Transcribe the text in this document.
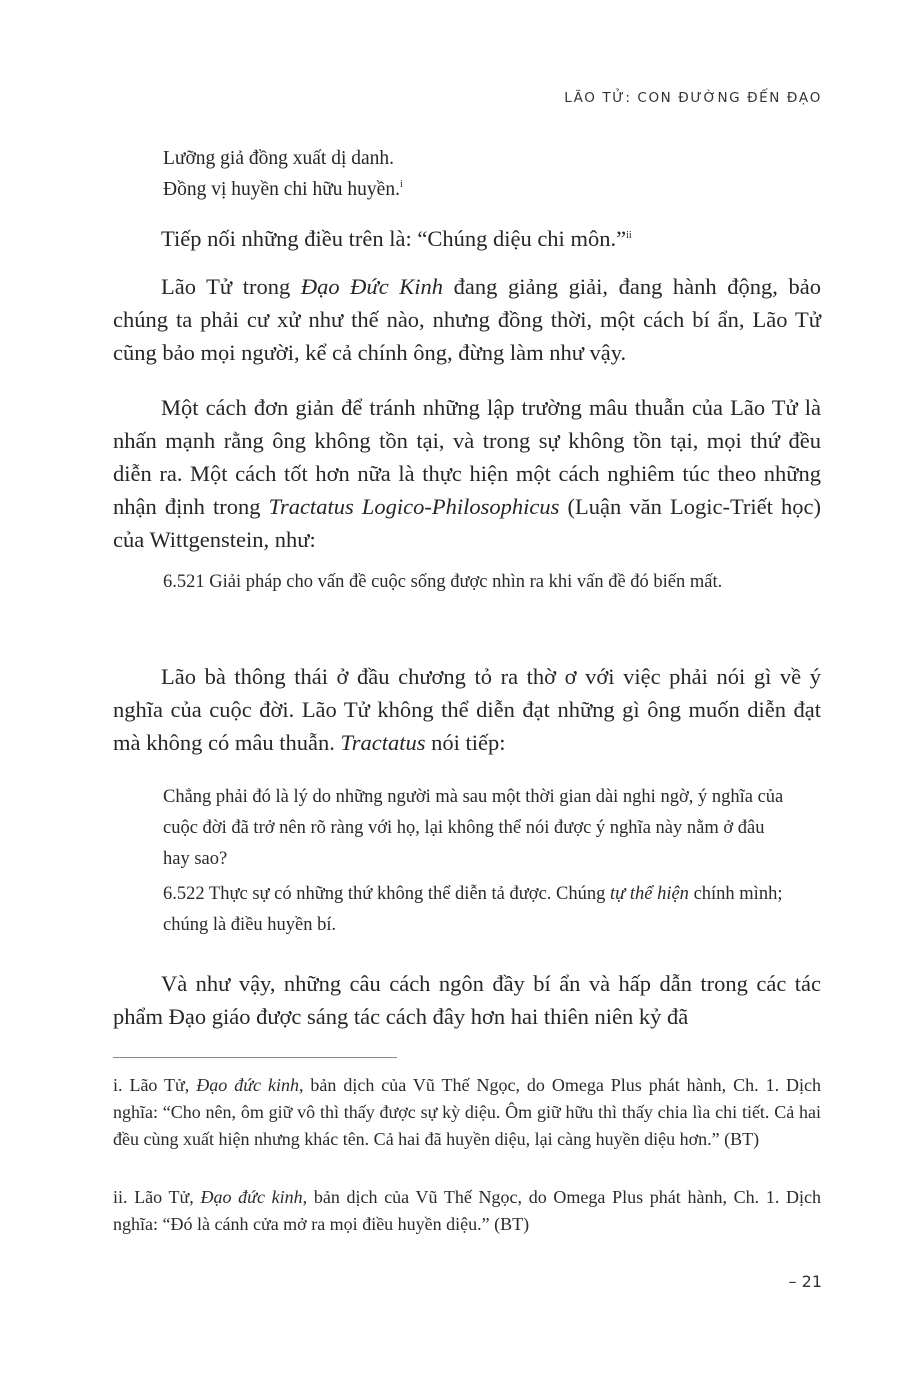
LÃO TỬ: CON ĐƯỜNG ĐẾN ĐẠO

Lưỡng giả đồng xuất dị danh.

Đồng vị huyền chi hữu huyền.$^i$

Tiếp nối những điều trên là: “Chúng diệu chi môn.”$^{ii}$

Lão Tử trong Đạo Đức Kinh đang giảng giải, đang hành động, bảo chúng ta phải cư xử như thế nào, nhưng đồng thời, một cách bí ẩn, Lão Tử cũng bảo mọi người, kể cả chính ông, đừng làm như vậy.

Một cách đơn giản để tránh những lập trường mâu thuẫn của Lão Tử là nhấn mạnh rằng ông không tồn tại, và trong sự không tồn tại, mọi thứ đều diễn ra. Một cách tốt hơn nữa là thực hiện một cách nghiêm túc theo những nhận định trong Tractatus Logico-Philosophicus (Luận văn Logic-Triết học) của Wittgenstein, như:

6.521 Giải pháp cho vấn đề cuộc sống được nhìn ra khi vấn đề đó biến mất.

Lão bà thông thái ở đầu chương tỏ ra thờ ơ với việc phải nói gì về ý nghĩa của cuộc đời. Lão Tử không thể diễn đạt những gì ông muốn diễn đạt mà không có mâu thuẫn. Tractatus nói tiếp:

Chẳng phải đó là lý do những người mà sau một thời gian dài nghi ngờ, ý nghĩa của cuộc đời đã trở nên rõ ràng với họ, lại không thể nói được ý nghĩa này nằm ở đâu hay sao?

6.522 Thực sự có những thứ không thể diễn tả được. Chúng tự thể hiện chính mình; chúng là điều huyền bí.

Và như vậy, những câu cách ngôn đầy bí ẩn và hấp dẫn trong các tác phẩm Đạo giáo được sáng tác cách đây hơn hai thiên niên kỷ đã

i. Lão Tử, Đạo đức kinh, bản dịch của Vũ Thế Ngọc, do Omega Plus phát hành, Ch. 1. Dịch nghĩa: “Cho nên, ôm giữ vô thì thấy được sự kỳ diệu. Ôm giữ hữu thì thấy chia lìa chi tiết. Cả hai đều cùng xuất hiện nhưng khác tên. Cả hai đã huyền diệu, lại càng huyền diệu hơn.” (BT)

ii. Lão Tử, Đạo đức kinh, bản dịch của Vũ Thế Ngọc, do Omega Plus phát hành, Ch. 1. Dịch nghĩa: “Đó là cánh cửa mở ra mọi điều huyền diệu.” (BT)

– 21
